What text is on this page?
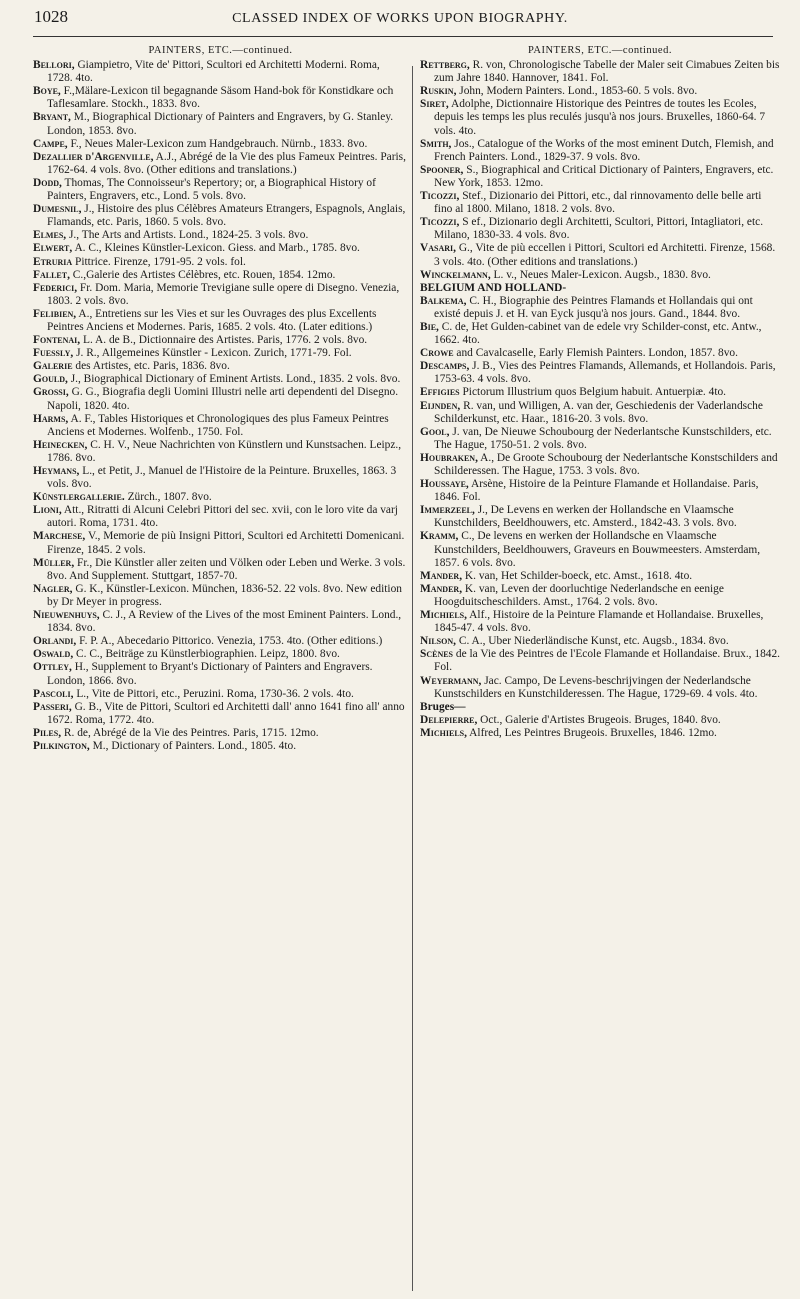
1028	CLASSED INDEX OF WORKS UPON BIOGRAPHY.
PAINTERS, ETC.—continued.

Bellori, Giampietro, Vite de' Pittori, Scultori ed Architetti Moderni. Roma, 1728. 4to.

Boye, F.,Mälare-Lexicon til begagnande Säsom Hand-bok för Konstidkare och Taflesamlare. Stockh., 1833. 8vo.

Bryant, M., Biographical Dictionary of Painters and Engravers, by G. Stanley. London, 1853. 8vo.

Campe, F., Neues Maler-Lexicon zum Handgebrauch. Nürnb., 1833. 8vo.

Dezallier d'Argenville, A.J., Abrégé de la Vie des plus Fameux Peintres. Paris, 1762-64. 4 vols. 8vo. (Other editions and translations.)

Dodd, Thomas, The Connoisseur's Repertory; or, a Biographical History of Painters, Engravers, etc., Lond. 5 vols. 8vo.

Dumesnil, J., Histoire des plus Célèbres Amateurs Etrangers, Espagnols, Anglais, Flamands, etc. Paris, 1860. 5 vols. 8vo.

Elmes, J., The Arts and Artists. Lond., 1824-25. 3 vols. 8vo.

Elwert, A. C., Kleines Künstler-Lexicon. Giess. and Marb., 1785. 8vo.

Etruria Pittrice. Firenze, 1791-95. 2 vols. fol.

Fallet, C.,Galerie des Artistes Célèbres, etc. Rouen, 1854. 12mo.

Federici, Fr. Dom. Maria, Memorie Trevigiane sulle opere di Disegno. Venezia, 1803. 2 vols. 8vo.

Felibien, A., Entretiens sur les Vies et sur les Ouvrages des plus Excellents Peintres Anciens et Modernes. Paris, 1685. 2 vols. 4to. (Later editions.)

Fontenai, L. A. de B., Dictionnaire des Artistes. Paris, 1776. 2 vols. 8vo.

Fuessly, J. R., Allgemeines Künstler - Lexicon. Zurich, 1771-79. Fol.

Galerie des Artistes, etc. Paris, 1836. 8vo.

Gould, J., Biographical Dictionary of Eminent Artists. Lond., 1835. 2 vols. 8vo.

Grossi, G. G., Biografia degli Uomini Illustri nelle arti dependenti del Disegno. Napoli, 1820. 4to.

Harms, A. F., Tables Historiques et Chronologiques des plus Fameux Peintres Anciens et Modernes. Wolfenb., 1750. Fol.

Heinecken, C. H. V., Neue Nachrichten von Künstlern und Kunstsachen. Leipz., 1786. 8vo.

Heymans, L., et Petit, J., Manuel de l'Histoire de la Peinture. Bruxelles, 1863. 3 vols. 8vo.

Künstlergallerie. Zürch., 1807. 8vo.

Lioni, Att., Ritratti di Alcuni Celebri Pittori del sec. xvii, con le loro vite da varj autori. Roma, 1731. 4to.

Marchese, V., Memorie de più Insigni Pittori, Scultori ed Architetti Domenicani. Firenze, 1845. 2 vols.

Müller, Fr., Die Künstler aller zeiten und Völken oder Leben und Werke. 3 vols. 8vo. And Supplement. Stuttgart, 1857-70.

Nagler, G. K., Künstler-Lexicon. München, 1836-52. 22 vols. 8vo. New edition by Dr Meyer in progress.

Nieuwenhuys, C. J., A Review of the Lives of the most Eminent Painters. Lond., 1834. 8vo.

Orlandi, F. P. A., Abecedario Pittorico. Venezia, 1753. 4to. (Other editions.)

Oswald, C. C., Beiträge zu Künstlerbiographien. Leipz, 1800. 8vo.

Ottley, H., Supplement to Bryant's Dictionary of Painters and Engravers. London, 1866. 8vo.

Pascoli, L., Vite de Pittori, etc., Peruzini. Roma, 1730-36. 2 vols. 4to.

Passeri, G. B., Vite de Pittori, Scultori ed Architetti dall' anno 1641 fino all' anno 1672. Roma, 1772. 4to.

Piles, R. de, Abrégé de la Vie des Peintres. Paris, 1715. 12mo.

Pilkington, M., Dictionary of Painters. Lond., 1805. 4to.

PAINTERS, ETC.—continued.

Rettberg, R. von, Chronologische Tabelle der Maler seit Cimabues Zeiten bis zum Jahre 1840. Hannover, 1841. Fol.

Ruskin, John, Modern Painters. Lond., 1853-60. 5 vols. 8vo.

Siret, Adolphe, Dictionnaire Historique des Peintres de toutes les Ecoles, depuis les temps les plus reculés jusqu'à nos jours. Bruxelles, 1860-64. 7 vols. 4to.

Smith, Jos., Catalogue of the Works of the most eminent Dutch, Flemish, and French Painters. Lond., 1829-37. 9 vols. 8vo.

Spooner, S., Biographical and Critical Dictionary of Painters, Engravers, etc. New York, 1853. 12mo.

Ticozzi, Stef., Dizionario dei Pittori, etc., dal rinnovamento delle belle arti fino al 1800. Milano, 1818. 2 vols. 8vo.

Ticozzi, S ef., Dizionario degli Architetti, Scultori, Pittori, Intagliatori, etc. Milano, 1830-33. 4 vols. 8vo.

Vasari, G., Vite de più eccellen i Pittori, Scultori ed Architetti. Firenze, 1568. 3 vols. 4to. (Other editions and translations.)

Winckelmann, L. v., Neues Maler-Lexicon. Augsb., 1830. 8vo.

BELGIUM AND HOLLAND-

Balkema, C. H., Biographie des Peintres Flamands et Hollandais qui ont existé depuis J. et H. van Eyck jusqu'à nos jours. Gand., 1844. 8vo.

Bie, C. de, Het Gulden-cabinet van de edele vry Schilder-const, etc. Antw., 1662. 4to.

Crowe and Cavalcaselle, Early Flemish Painters. London, 1857. 8vo.

Descamps, J. B., Vies des Peintres Flamands, Allemands, et Hollandois. Paris, 1753-63. 4 vols. 8vo.

Effigies Pictorum Illustrium quos Belgium habuit. Antuerpiæ. 4to.

Eijnden, R. van, und Willigen, A. van der, Geschiedenis der Vaderlandsche Schilderkunst, etc. Haar., 1816-20. 3 vols. 8vo.

Gool, J. van, De Nieuwe Schoubourg der Nederlantsche Kunstschilders, etc. The Hague, 1750-51. 2 vols. 8vo.

Houbraken, A., De Groote Schoubourg der Nederlantsche Konstschilders and Schilderessen. The Hague, 1753. 3 vols. 8vo.

Houssaye, Arsène, Histoire de la Peinture Flamande et Hollandaise. Paris, 1846. Fol.

Immerzeel, J., De Levens en werken der Hollandsche en Vlaamsche Kunstchilders, Beeldhouwers, etc. Amsterd., 1842-43. 3 vols. 8vo.

Kramm, C., De levens en werken der Hollandsche en Vlaamsche Kunstchilders, Beeldhouwers, Graveurs en Bouwmeesters. Amsterdam, 1857. 6 vols. 8vo.

Mander, K. van, Het Schilder-boeck, etc. Amst., 1618. 4to.

Mander, K. van, Leven der doorluchtige Nederlandsche en eenige Hoogduitscheschilders. Amst., 1764. 2 vols. 8vo.

Michiels, Alf., Histoire de la Peinture Flamande et Hollandaise. Bruxelles, 1845-47. 4 vols. 8vo.

Nilson, C. A., Uber Niederländische Kunst, etc. Augsb., 1834. 8vo.

Scènes de la Vie des Peintres de l'Ecole Flamande et Hollandaise. Brux., 1842. Fol.

Weyermann, Jac. Campo, De Levens-beschrijvingen der Nederlandsche Kunstschilders en Kunstchilderessen. The Hague, 1729-69. 4 vols. 4to.

Bruges—

Delepierre, Oct., Galerie d'Artistes Brugeois. Bruges, 1840. 8vo.

Michiels, Alfred, Les Peintres Brugeois. Bruxelles, 1846. 12mo.
